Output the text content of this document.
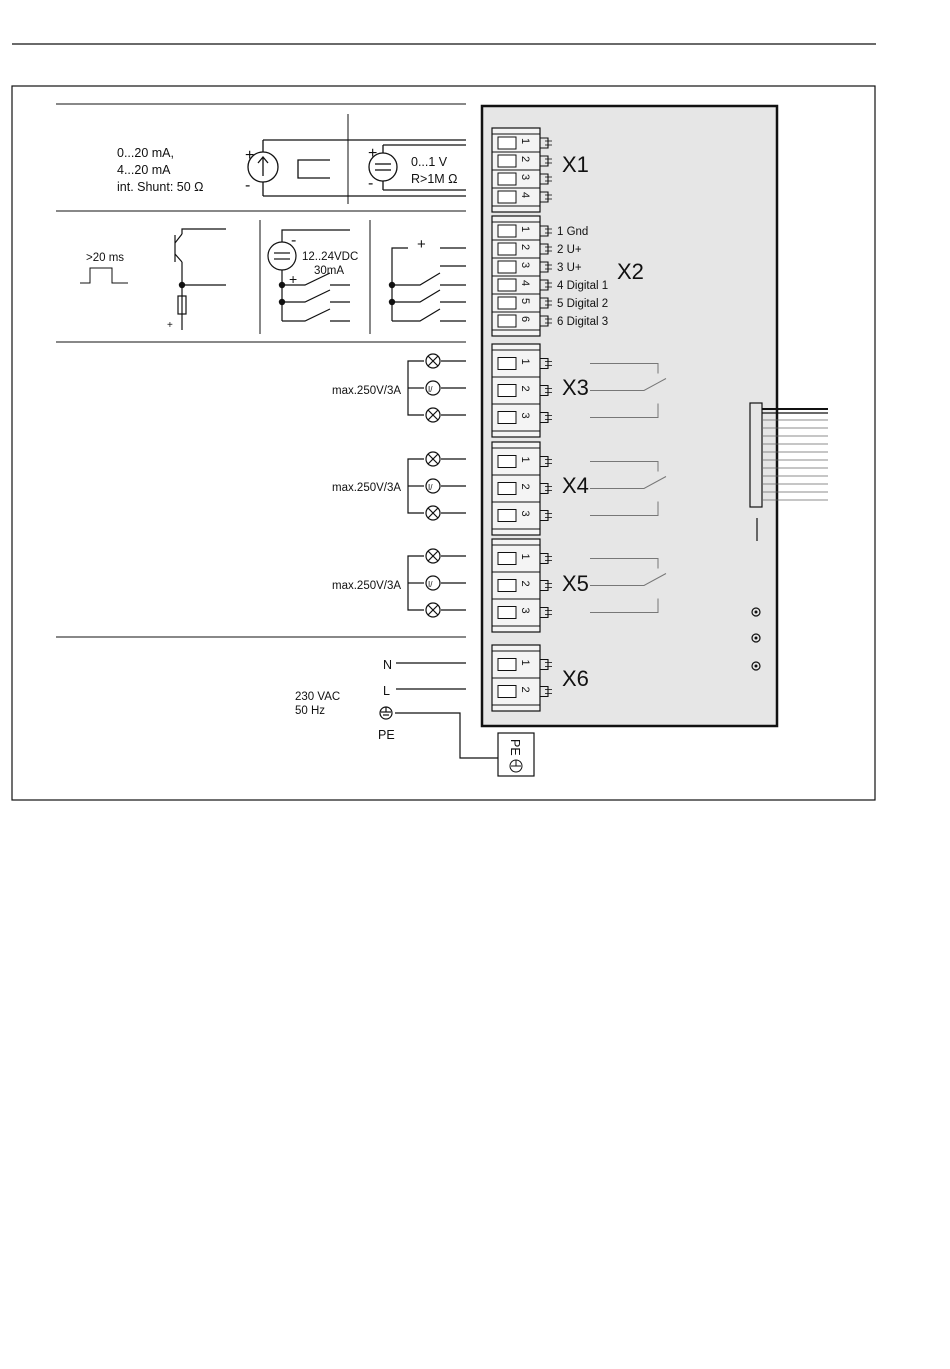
0...20 mA,
4...20 mA
int. Shunt: 50 Ω
+
-
+
-
0...1 V
R>1M Ω
>20 ms
+
-
+
12..24VDC
30mA
+
I/
max.250V/3A
I/
max.250V/3A
I/
max.250V/3A
N
L
230 VAC
50 Hz
PE
PE
1
2
3
4
X1
1 1 Gnd
2 2 U+
3 3 U+
4 4 Digital 1
5 5 Digital 2
6 6 Digital 3
X2
1
2
3
X3
1
2
3
X4
1
2
3
X5
1
2 X6
